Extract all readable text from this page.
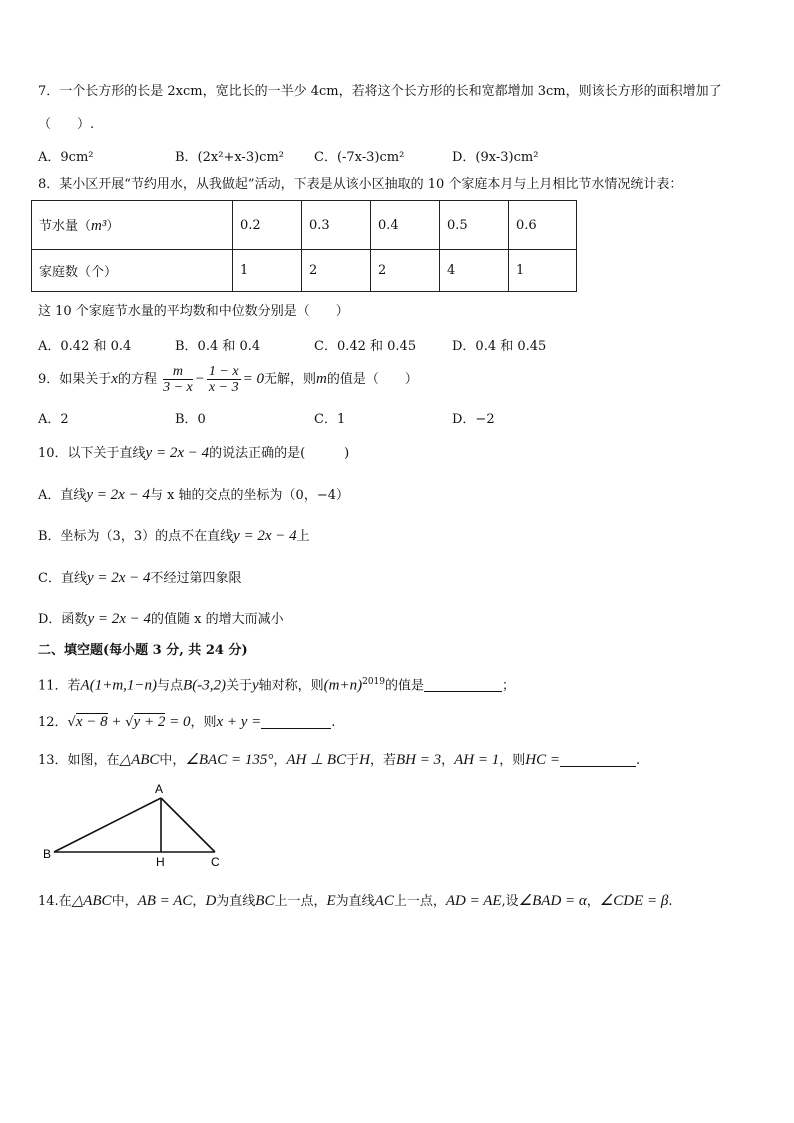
7．一个长方形的长是 2xcm，宽比长的一半少 4cm，若将这个长方形的长和宽都增加 3cm，则该长方形的面积增加了
（　　）.
A．9cm²	B．(2x²+x-3)cm² C．(-7x-3)cm²	D．(9x-3)cm²
8．某小区开展“节约用水，从我做起”活动，下表是从该小区抽取的 10 个家庭本月与上月相比节水情况统计表：
节水量（m³）	0.2	0.3	0.4	0.5	0.6
家庭数（个）	1	2	2	4	1
这 10 个家庭节水量的平均数和中位数分别是（　　）
A．0.42 和 0.4	B．0.4 和 0.4	C．0.42 和 0.45	D．0.4 和 0.45
9．如果关于x的方程 $\frac{m}{3 - x} - \frac{1 - x}{x - 3} = 0$无解，则m的值是（　　）
A．2	B．0	C．1	D．−2
10．以下关于直线y = 2x − 4的说法正确的是(　　　)
A．直线y = 2x − 4与 x 轴的交点的坐标为（0，−4）
B．坐标为（3，3）的点不在直线y = 2x − 4上
C．直线y = 2x − 4不经过第四象限
D．函数y = 2x − 4的值随 x 的增大而减小
二、填空题(每小题 3 分, 共 24 分)
11．若A(1+m,1−n)与点B(-3,2)关于y轴对称，则$(m+n)^{2019}$的值是	；
12．√x − 8 + √y + 2 = 0，则x + y =	.
13．如图，在△ABC中，∠BAC = 135°，AH ⊥ BC于H，若BH = 3，AH = 1，则HC =	.
A
B
H	C
14.在△ABC中，AB = AC，D为直线BC上一点，E为直线AC上一点，AD = AE,设∠BAD = α，∠CDE = β.
